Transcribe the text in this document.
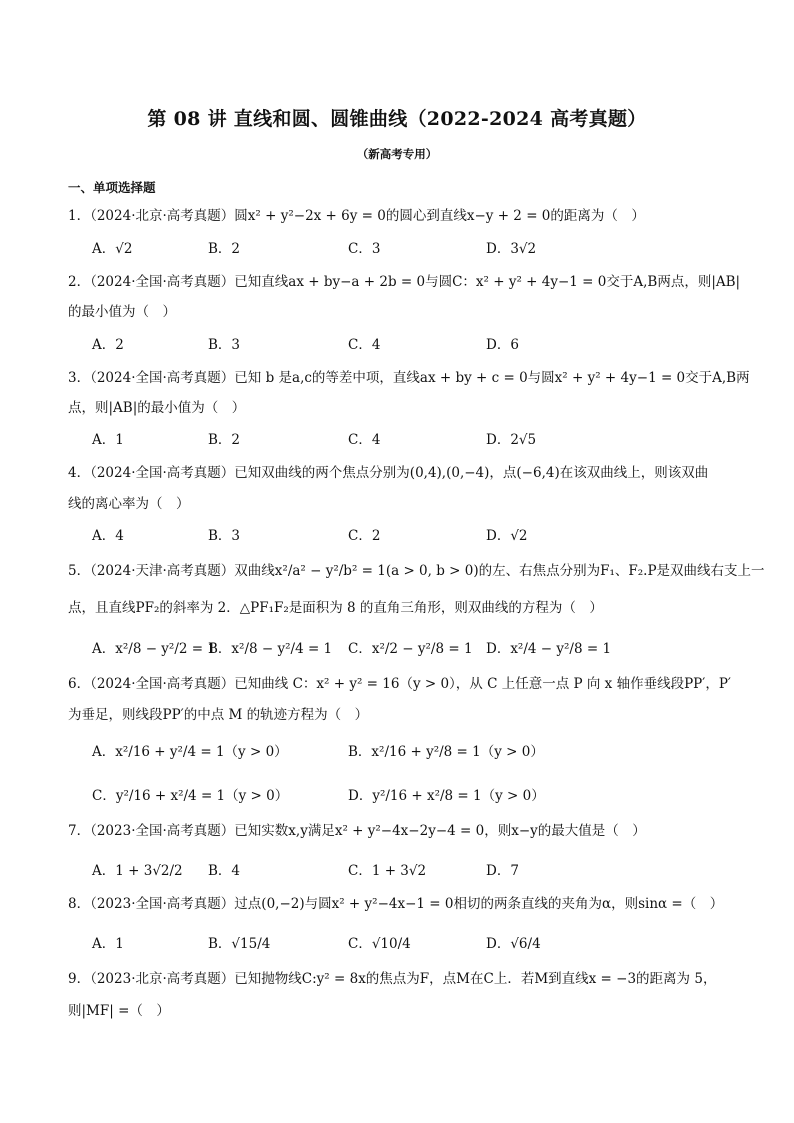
第 08 讲 直线和圆、圆锥曲线（2022-2024 高考真题）
（新高考专用）
一、单项选择题
1．（2024·北京·高考真题）圆x² + y²−2x + 6y = 0的圆心到直线x−y + 2 = 0的距离为（　）
A．√2	B．2	C．3	D．3√2
2．（2024·全国·高考真题）已知直线ax + by−a + 2b = 0与圆C：x² + y² + 4y−1 = 0交于A,B两点，则|AB|
的最小值为（　）
A．2	B．3	C．4	D．6
3．（2024·全国·高考真题）已知 b 是a,c的等差中项，直线ax + by + c = 0与圆x² + y² + 4y−1 = 0交于A,B两
点，则|AB|的最小值为（　）
A．1	B．2	C．4	D．2√5
4．（2024·全国·高考真题）已知双曲线的两个焦点分别为(0,4),(0,−4)，点(−6,4)在该双曲线上，则该双曲
线的离心率为（　）
A．4	B．3	C．2	D．√2
5．（2024·天津·高考真题）双曲线x²/a² − y²/b² = 1(a > 0, b > 0)的左、右焦点分别为F₁、F₂.P是双曲线右支上一
点，且直线PF₂的斜率为 2．△PF₁F₂是面积为 8 的直角三角形，则双曲线的方程为（　）
A．x²/8 − y²/2 = 1
B．x²/8 − y²/4 = 1 C．x²/2 − y²/8 = 1 D．x²/4 − y²/8 = 1
6．（2024·全国·高考真题）已知曲线 C：x² + y² = 16（y > 0），从 C 上任意一点 P 向 x 轴作垂线段PP′，P′
为垂足，则线段PP′的中点 M 的轨迹方程为（　）
A．x²/16 + y²/4 = 1（y > 0）	B．x²/16 + y²/8 = 1（y > 0）
C．y²/16 + x²/4 = 1（y > 0）	D．y²/16 + x²/8 = 1（y > 0）
7．（2023·全国·高考真题）已知实数x,y满足x² + y²−4x−2y−4 = 0，则x−y的最大值是（　）
A．1 + 3√2/2 B．4	C．1 + 3√2	D．7
8．（2023·全国·高考真题）过点(0,−2)与圆x² + y²−4x−1 = 0相切的两条直线的夹角为α，则sinα =（　）
A．1	B．√15/4	C．√10/4	D．√6/4
9．（2023·北京·高考真题）已知抛物线C:y² = 8x的焦点为F，点M在C上．若M到直线x = −3的距离为 5，
则|MF| =（　）
